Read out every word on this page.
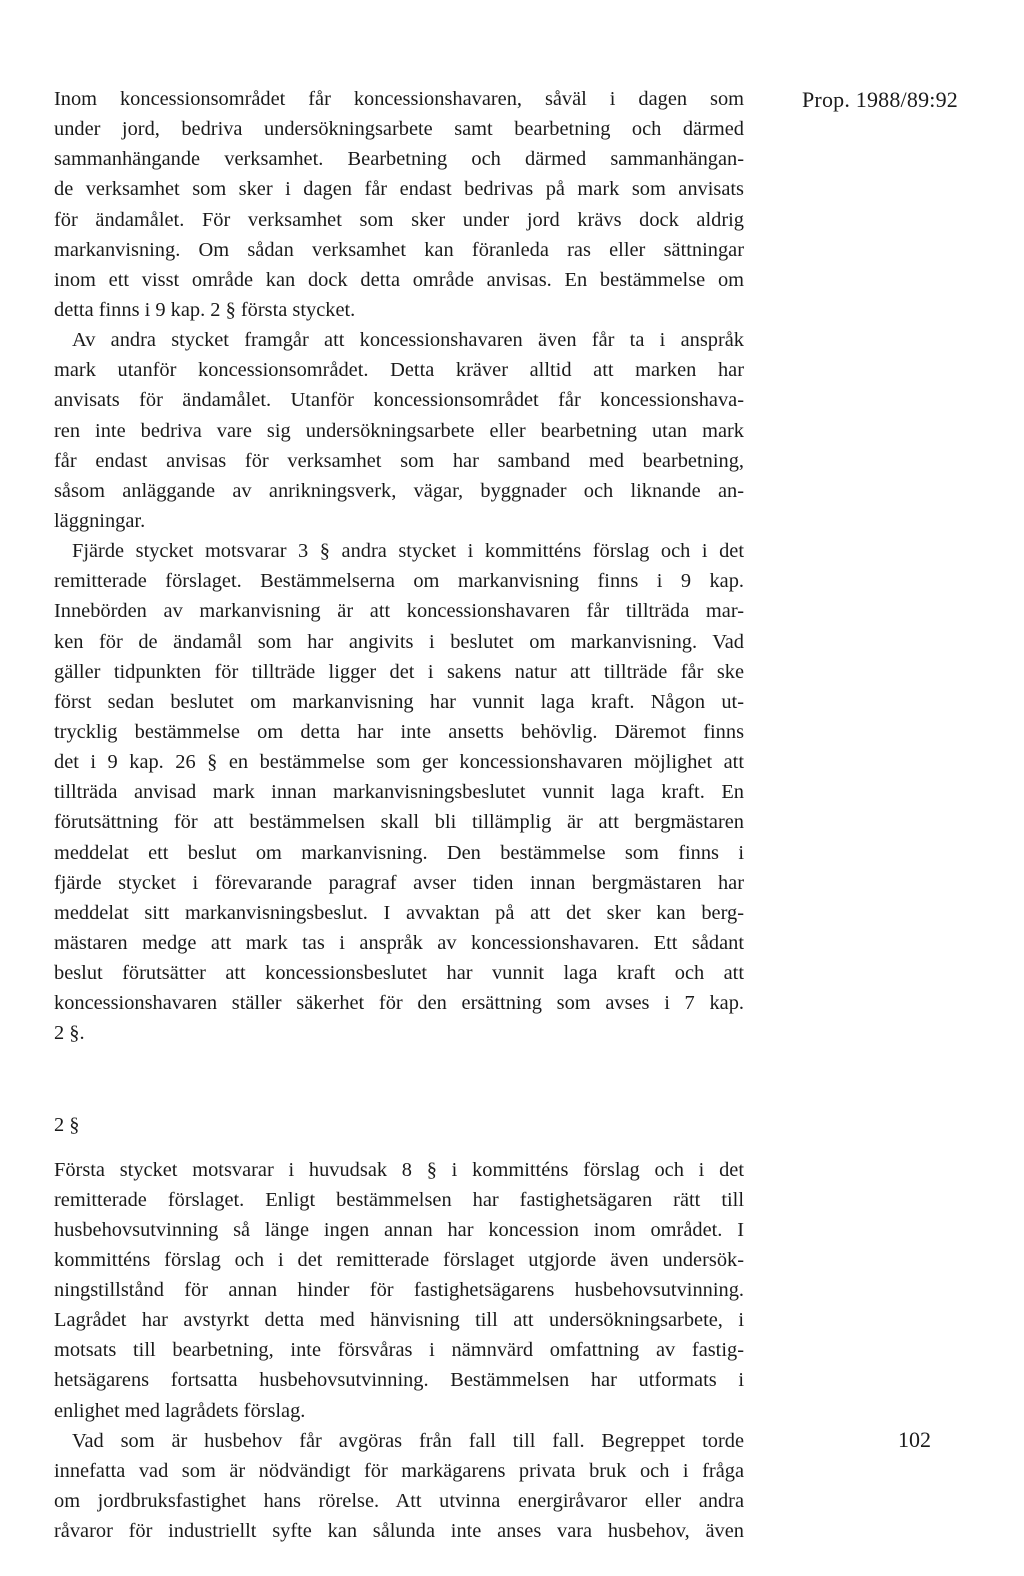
Prop. 1988/89:92
Inom koncessionsområdet får koncessionshavaren, såväl i dagen som
under jord, bedriva undersökningsarbete samt bearbetning och därmed
sammanhängande verksamhet. Bearbetning och därmed sammanhängan-
de verksamhet som sker i dagen får endast bedrivas på mark som anvisats
för ändamålet. För verksamhet som sker under jord krävs dock aldrig
markanvisning. Om sådan verksamhet kan föranleda ras eller sättningar
inom ett visst område kan dock detta område anvisas. En bestämmelse om
detta finns i 9 kap. 2 § första stycket.
Av andra stycket framgår att koncessionshavaren även får ta i anspråk
mark utanför koncessionsområdet. Detta kräver alltid att marken har
anvisats för ändamålet. Utanför koncessionsområdet får koncessionshava-
ren inte bedriva vare sig undersökningsarbete eller bearbetning utan mark
får endast anvisas för verksamhet som har samband med bearbetning,
såsom anläggande av anrikningsverk, vägar, byggnader och liknande an-
läggningar.
Fjärde stycket motsvarar 3 § andra stycket i kommitténs förslag och i det
remitterade förslaget. Bestämmelserna om markanvisning finns i 9 kap.
Innebörden av markanvisning är att koncessionshavaren får tillträda mar-
ken för de ändamål som har angivits i beslutet om markanvisning. Vad
gäller tidpunkten för tillträde ligger det i sakens natur att tillträde får ske
först sedan beslutet om markanvisning har vunnit laga kraft. Någon ut-
trycklig bestämmelse om detta har inte ansetts behövlig. Däremot finns
det i 9 kap. 26 § en bestämmelse som ger koncessionshavaren möjlighet att
tillträda anvisad mark innan markanvisningsbeslutet vunnit laga kraft. En
förutsättning för att bestämmelsen skall bli tillämplig är att bergmästaren
meddelat ett beslut om markanvisning. Den bestämmelse som finns i
fjärde stycket i förevarande paragraf avser tiden innan bergmästaren har
meddelat sitt markanvisningsbeslut. I avvaktan på att det sker kan berg-
mästaren medge att mark tas i anspråk av koncessionshavaren. Ett sådant
beslut förutsätter att koncessionsbeslutet har vunnit laga kraft och att
koncessionshavaren ställer säkerhet för den ersättning som avses i 7 kap.
2 §.
2 §
Första stycket motsvarar i huvudsak 8 § i kommitténs förslag och i det
remitterade förslaget. Enligt bestämmelsen har fastighetsägaren rätt till
husbehovsutvinning så länge ingen annan har koncession inom området. I
kommitténs förslag och i det remitterade förslaget utgjorde även undersök-
ningstillstånd för annan hinder för fastighetsägarens husbehovsutvinning.
Lagrådet har avstyrkt detta med hänvisning till att undersökningsarbete, i
motsats till bearbetning, inte försvåras i nämnvärd omfattning av fastig-
hetsägarens fortsatta husbehovsutvinning. Bestämmelsen har utformats i
enlighet med lagrådets förslag.
Vad som är husbehov får avgöras från fall till fall. Begreppet torde
innefatta vad som är nödvändigt för markägarens privata bruk och i fråga
om jordbruksfastighet hans rörelse. Att utvinna energiråvaror eller andra
råvaror för industriellt syfte kan sålunda inte anses vara husbehov, även
102
